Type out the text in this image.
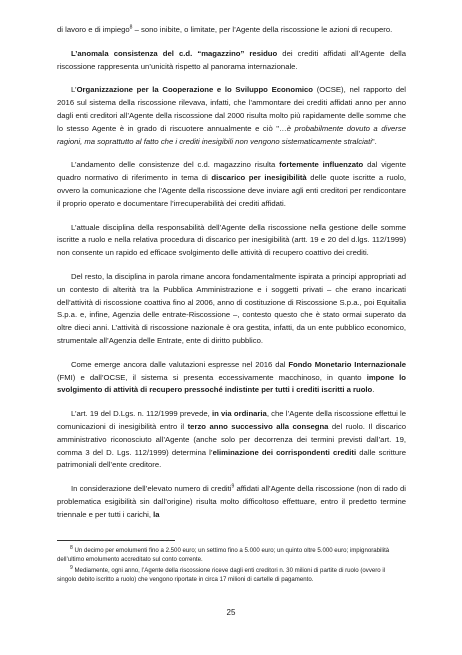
di lavoro e di impiego$^8$ – sono inibite, o limitate, per l’Agente della riscossione le azioni di recupero.

L’anomala consistenza del c.d. “magazzino” residuo dei crediti affidati all’Agente della riscossione rappresenta un’unicità rispetto al panorama internazionale.

L’Organizzazione per la Cooperazione e lo Sviluppo Economico (OCSE), nel rapporto del 2016 sul sistema della riscossione rilevava, infatti, che l’ammontare dei crediti affidati anno per anno dagli enti creditori all’Agente della riscossione dal 2000 risulta molto più rapidamente delle somme che lo stesso Agente è in grado di riscuotere annualmente e ciò "…è probabilmente dovuto a diverse ragioni, ma soprattutto al fatto che i crediti inesigibili non vengono sistematicamente stralciati".

L’andamento delle consistenze del c.d. magazzino risulta fortemente influenzato dal vigente quadro normativo di riferimento in tema di discarico per inesigibilità delle quote iscritte a ruolo, ovvero la comunicazione che l’Agente della riscossione deve inviare agli enti creditori per rendicontare il proprio operato e documentare l’irrecuperabilità dei crediti affidati.

L’attuale disciplina della responsabilità dell’Agente della riscossione nella gestione delle somme iscritte a ruolo e nella relativa procedura di discarico per inesigibilità (artt. 19 e 20 del d.lgs. 112/1999) non consente un rapido ed efficace svolgimento delle attività di recupero coattivo dei crediti.

Del resto, la disciplina in parola rimane ancora fondamentalmente ispirata a principi appropriati ad un contesto di alterità tra la Pubblica Amministrazione e i soggetti privati – che erano incaricati dell’attività di riscossione coattiva fino al 2006, anno di costituzione di Riscossione S.p.a., poi Equitalia S.p.a. e, infine, Agenzia delle entrate-Riscossione –, contesto questo che è stato ormai superato da oltre dieci anni. L’attività di riscossione nazionale è ora gestita, infatti, da un ente pubblico economico, strumentale all’Agenzia delle Entrate, ente di diritto pubblico.

Come emerge ancora dalle valutazioni espresse nel 2016 dal Fondo Monetario Internazionale (FMI) e dall’OCSE, il sistema si presenta eccessivamente macchinoso, in quanto impone lo svolgimento di attività di recupero pressoché indistinte per tutti i crediti iscritti a ruolo.

L’art. 19 del D.Lgs. n. 112/1999 prevede, in via ordinaria, che l’Agente della riscossione effettui le comunicazioni di inesigibilità entro il terzo anno successivo alla consegna del ruolo. Il discarico amministrativo riconosciuto all’Agente (anche solo per decorrenza dei termini previsti dall’art. 19, comma 3 del D. Lgs. 112/1999) determina l’eliminazione dei corrispondenti crediti dalle scritture patrimoniali dell’ente creditore.

In considerazione dell’elevato numero di crediti$^9$ affidati all’Agente della riscossione (non di rado di problematica esigibilità sin dall’origine) risulta molto difficoltoso effettuare, entro il predetto termine triennale e per tutti i carichi, la

$^8$ Un decimo per emolumenti fino a 2.500 euro; un settimo fino a 5.000 euro; un quinto oltre 5.000 euro; impignorabilità dell’ultimo emolumento accreditato sul conto corrente.

$^9$ Mediamente, ogni anno, l’Agente della riscossione riceve dagli enti creditori n. 30 milioni di partite di ruolo (ovvero il singolo debito iscritto a ruolo) che vengono riportate in circa 17 milioni di cartelle di pagamento.

25
